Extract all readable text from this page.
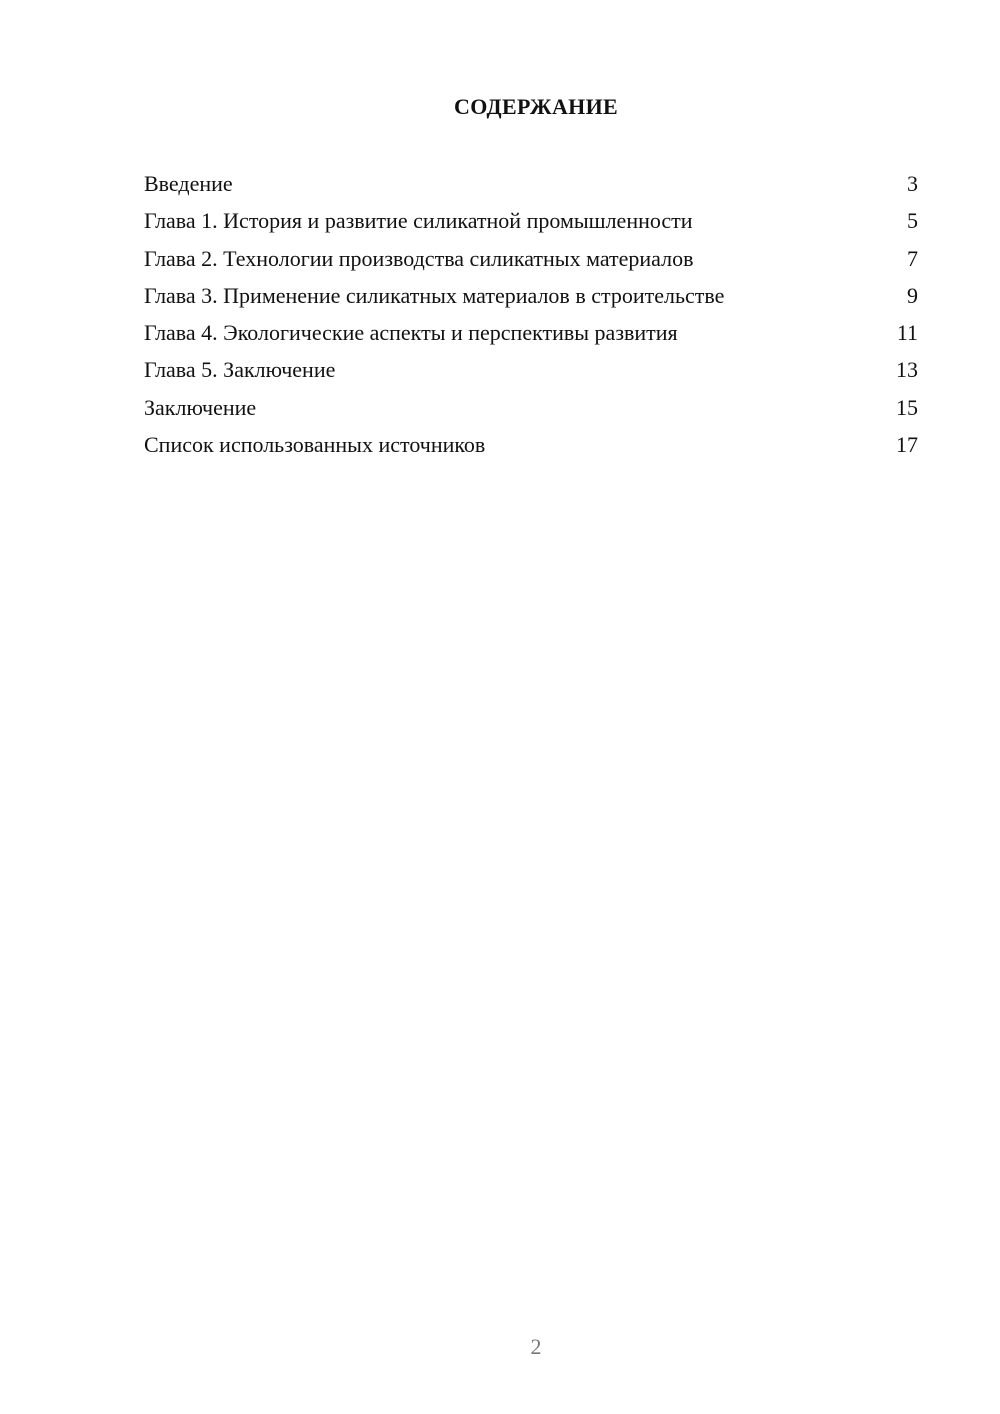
СОДЕРЖАНИЕ
Введение	3
Глава 1. История и развитие силикатной промышленности	5
Глава 2. Технологии производства силикатных материалов	7
Глава 3. Применение силикатных материалов в строительстве	9
Глава 4. Экологические аспекты и перспективы развития	11
Глава 5. Заключение	13
Заключение	15
Список использованных источников	17
2
